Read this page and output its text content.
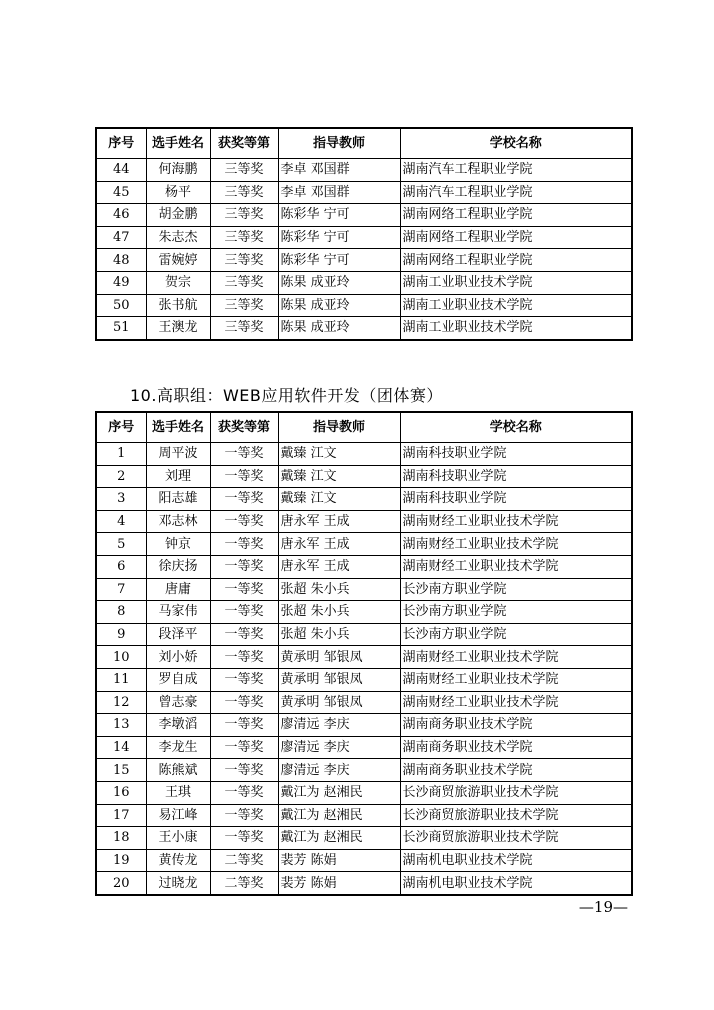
序号	选手姓名	获奖等第	指导教师	学校名称
44	何海鹏	三等奖	李卓 邓国群	湖南汽车工程职业学院
45	杨平	三等奖	李卓 邓国群	湖南汽车工程职业学院
46	胡金鹏	三等奖	陈彩华 宁可	湖南网络工程职业学院
47	朱志杰	三等奖	陈彩华 宁可	湖南网络工程职业学院
48	雷婉婷	三等奖	陈彩华 宁可	湖南网络工程职业学院
49	贺宗	三等奖	陈果 成亚玲	湖南工业职业技术学院
50	张书航	三等奖	陈果 成亚玲	湖南工业职业技术学院
51	王澳龙	三等奖	陈果 成亚玲	湖南工业职业技术学院
10.高职组：WEB应用软件开发（团体赛）
序号	选手姓名	获奖等第	指导教师	学校名称
1	周平波	一等奖	戴臻 江文	湖南科技职业学院
2	刘理	一等奖	戴臻 江文	湖南科技职业学院
3	阳志雄	一等奖	戴臻 江文	湖南科技职业学院
4	邓志林	一等奖	唐永军 王成	湖南财经工业职业技术学院
5	钟京	一等奖	唐永军 王成	湖南财经工业职业技术学院
6	徐庆扬	一等奖	唐永军 王成	湖南财经工业职业技术学院
7	唐庸	一等奖	张超 朱小兵	长沙南方职业学院
8	马家伟	一等奖	张超 朱小兵	长沙南方职业学院
9	段泽平	一等奖	张超 朱小兵	长沙南方职业学院
10	刘小娇	一等奖	黄承明 邹银凤	湖南财经工业职业技术学院
11	罗自成	一等奖	黄承明 邹银凤	湖南财经工业职业技术学院
12	曾志豪	一等奖	黄承明 邹银凤	湖南财经工业职业技术学院
13	李墩滔	一等奖	廖清远 李庆	湖南商务职业技术学院
14	李龙生	一等奖	廖清远 李庆	湖南商务职业技术学院
15	陈熊斌	一等奖	廖清远 李庆	湖南商务职业技术学院
16	王琪	一等奖	戴江为 赵湘民	长沙商贸旅游职业技术学院
17	易江峰	一等奖	戴江为 赵湘民	长沙商贸旅游职业技术学院
18	王小康	一等奖	戴江为 赵湘民	长沙商贸旅游职业技术学院
19	黄传龙	二等奖	裴芳 陈娟	湖南机电职业技术学院
20	过晓龙	二等奖	裴芳 陈娟	湖南机电职业技术学院
—19—
